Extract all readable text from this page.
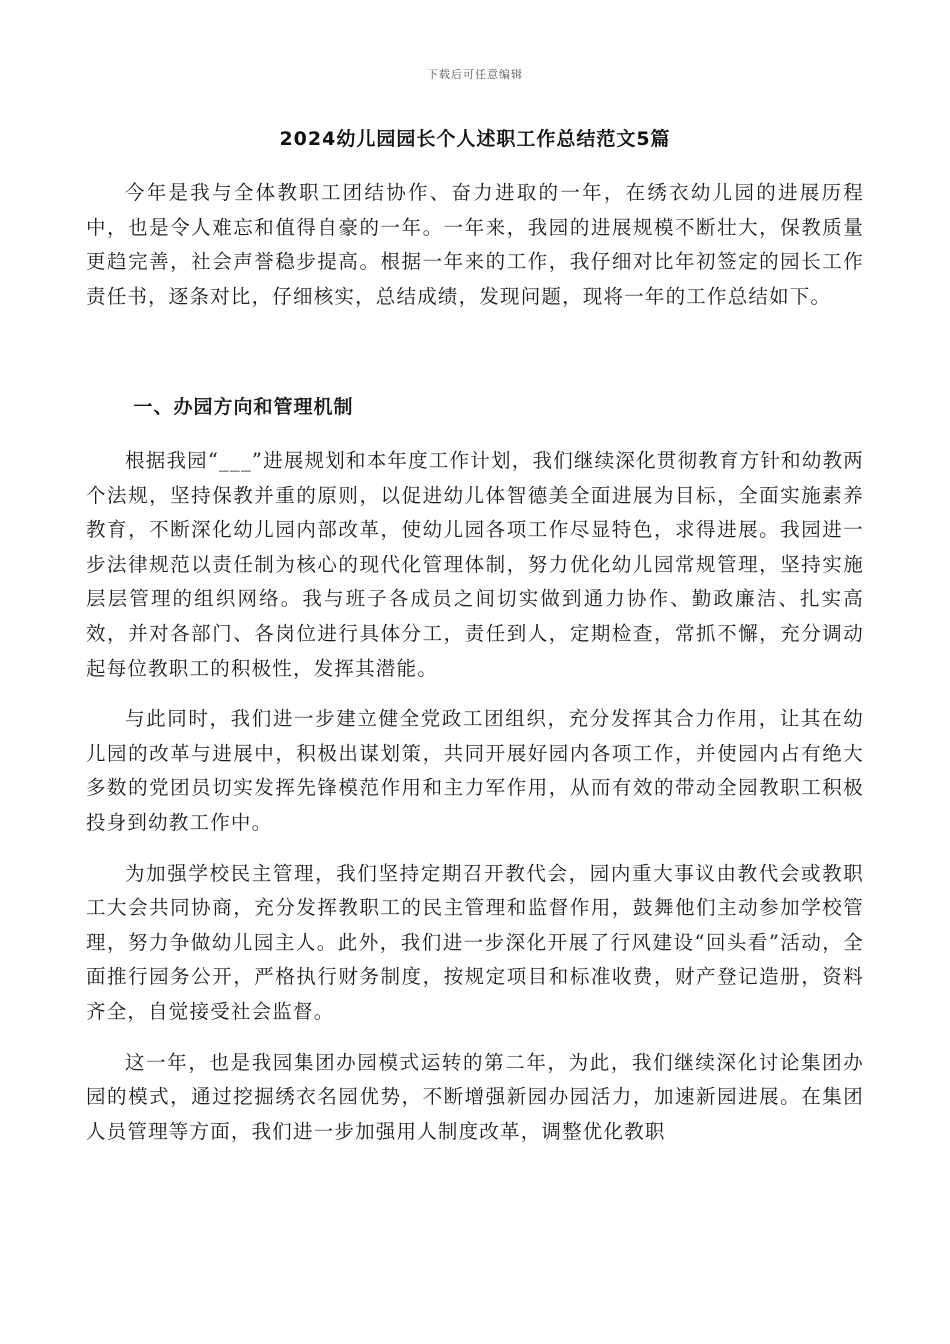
下载后可任意编辑
2024幼儿园园长个人述职工作总结范文5篇

今年是我与全体教职工团结协作、奋力进取的一年，在绣衣幼儿园的进展历程中，也是令人难忘和值得自豪的一年。一年来，我园的进展规模不断壮大，保教质量更趋完善，社会声誉稳步提高。根据一年来的工作，我仔细对比年初签定的园长工作责任书，逐条对比，仔细核实，总结成绩，发现问题，现将一年的工作总结如下。

一、办园方向和管理机制

根据我园“___”进展规划和本年度工作计划，我们继续深化贯彻教育方针和幼教两个法规，坚持保教并重的原则，以促进幼儿体智德美全面进展为目标，全面实施素养教育，不断深化幼儿园内部改革，使幼儿园各项工作尽显特色，求得进展。我园进一步法律规范以责任制为核心的现代化管理体制，努力优化幼儿园常规管理，坚持实施层层管理的组织网络。我与班子各成员之间切实做到通力协作、勤政廉洁、扎实高效，并对各部门、各岗位进行具体分工，责任到人，定期检查，常抓不懈，充分调动起每位教职工的积极性，发挥其潜能。

与此同时，我们进一步建立健全党政工团组织，充分发挥其合力作用，让其在幼儿园的改革与进展中，积极出谋划策，共同开展好园内各项工作，并使园内占有绝大多数的党团员切实发挥先锋模范作用和主力军作用，从而有效的带动全园教职工积极投身到幼教工作中。

为加强学校民主管理，我们坚持定期召开教代会，园内重大事议由教代会或教职工大会共同协商，充分发挥教职工的民主管理和监督作用，鼓舞他们主动参加学校管理，努力争做幼儿园主人。此外，我们进一步深化开展了行风建设“回头看”活动，全面推行园务公开，严格执行财务制度，按规定项目和标准收费，财产登记造册，资料齐全，自觉接受社会监督。

这一年，也是我园集团办园模式运转的第二年，为此，我们继续深化讨论集团办园的模式，通过挖掘绣衣名园优势，不断增强新园办园活力，加速新园进展。在集团人员管理等方面，我们进一步加强用人制度改革，调整优化教职
